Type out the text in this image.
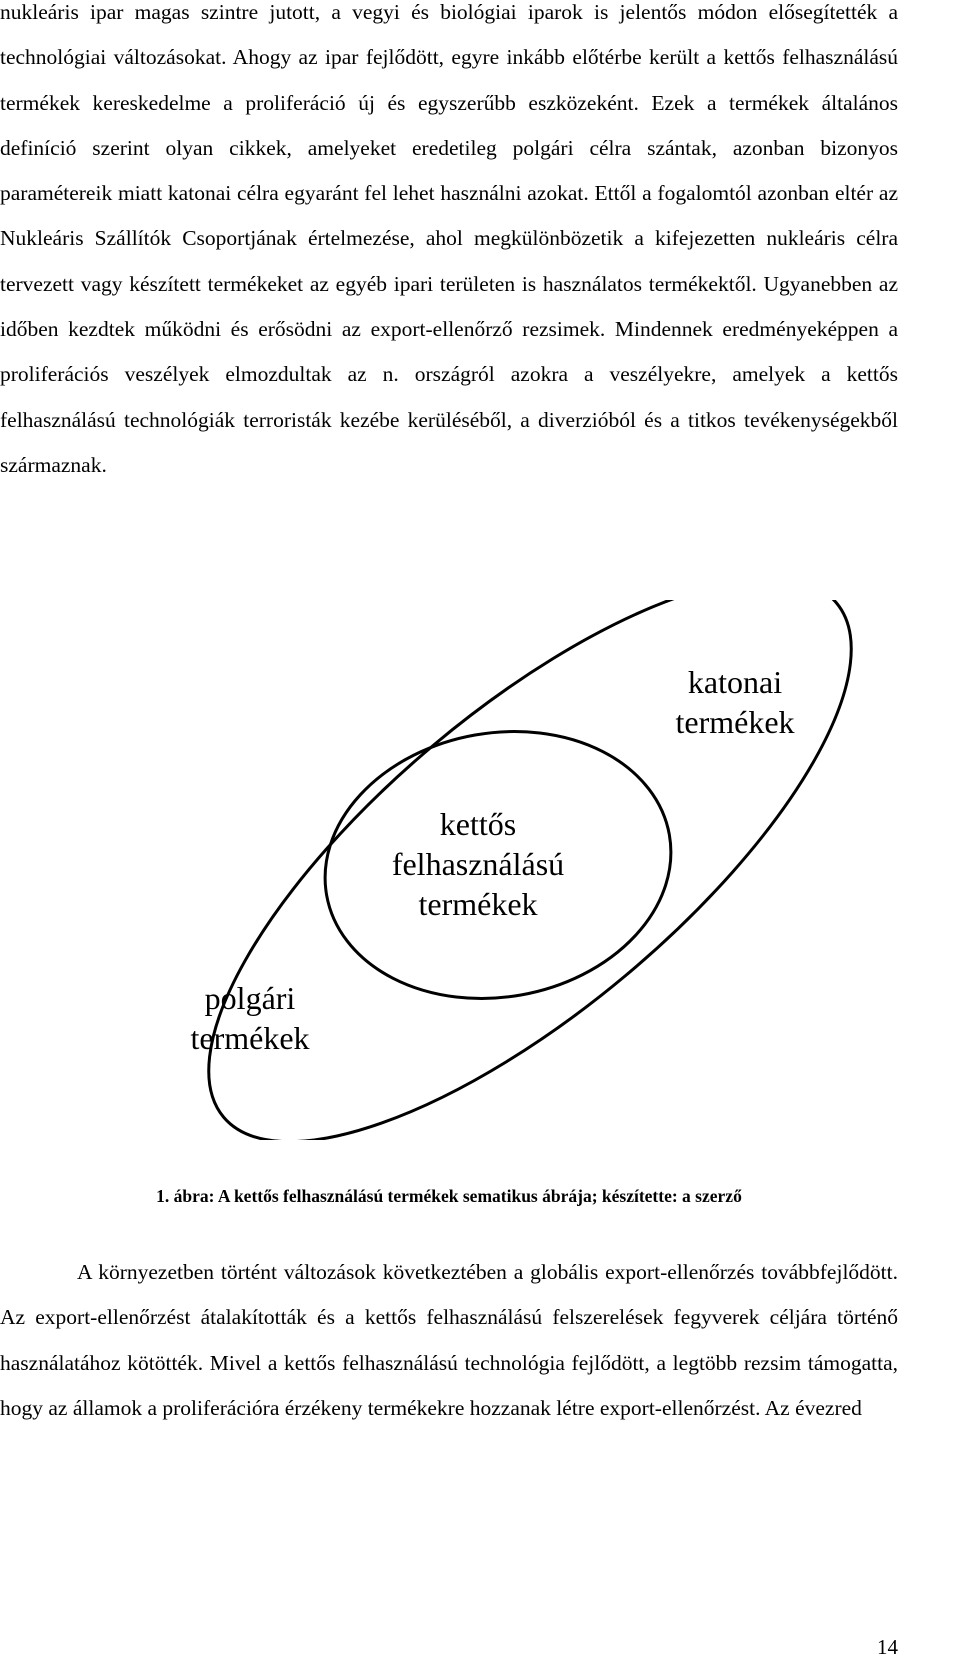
nukleáris ipar magas szintre jutott, a vegyi és biológiai iparok is jelentős módon elősegítették a technológiai változásokat. Ahogy az ipar fejlődött, egyre inkább előtérbe került a kettős felhasználású termékek kereskedelme a proliferáció új és egyszerűbb eszközeként. Ezek a termékek általános definíció szerint olyan cikkek, amelyeket eredetileg polgári célra szántak, azonban bizonyos paramétereik miatt katonai célra egyaránt fel lehet használni azokat. Ettől a fogalomtól azonban eltér az Nukleáris Szállítók Csoportjának értelmezése, ahol megkülönbözetik a kifejezetten nukleáris célra tervezett vagy készített termékeket az egyéb ipari területen is használatos termékektől. Ugyanebben az időben kezdtek működni és erősödni az export-ellenőrző rezsimek. Mindennek eredményeképpen a proliferációs veszélyek elmozdultak az n. országról azokra a veszélyekre, amelyek a kettős felhasználású technológiák terroristák kezébe kerüléséből, a diverzióból és a titkos tevékenységekből származnak.

katonai
termékek
kettős
felhasználású
termékek
polgári
termékek

1. ábra: A kettős felhasználású termékek sematikus ábrája; készítette: a szerző

A környezetben történt változások következtében a globális export-ellenőrzés továbbfejlődött. Az export-ellenőrzést átalakították és a kettős felhasználású felszerelések fegyverek céljára történő használatához kötötték. Mivel a kettős felhasználású technológia fejlődött, a legtöbb rezsim támogatta, hogy az államok a proliferációra érzékeny termékekre hozzanak létre export-ellenőrzést. Az évezred

14
